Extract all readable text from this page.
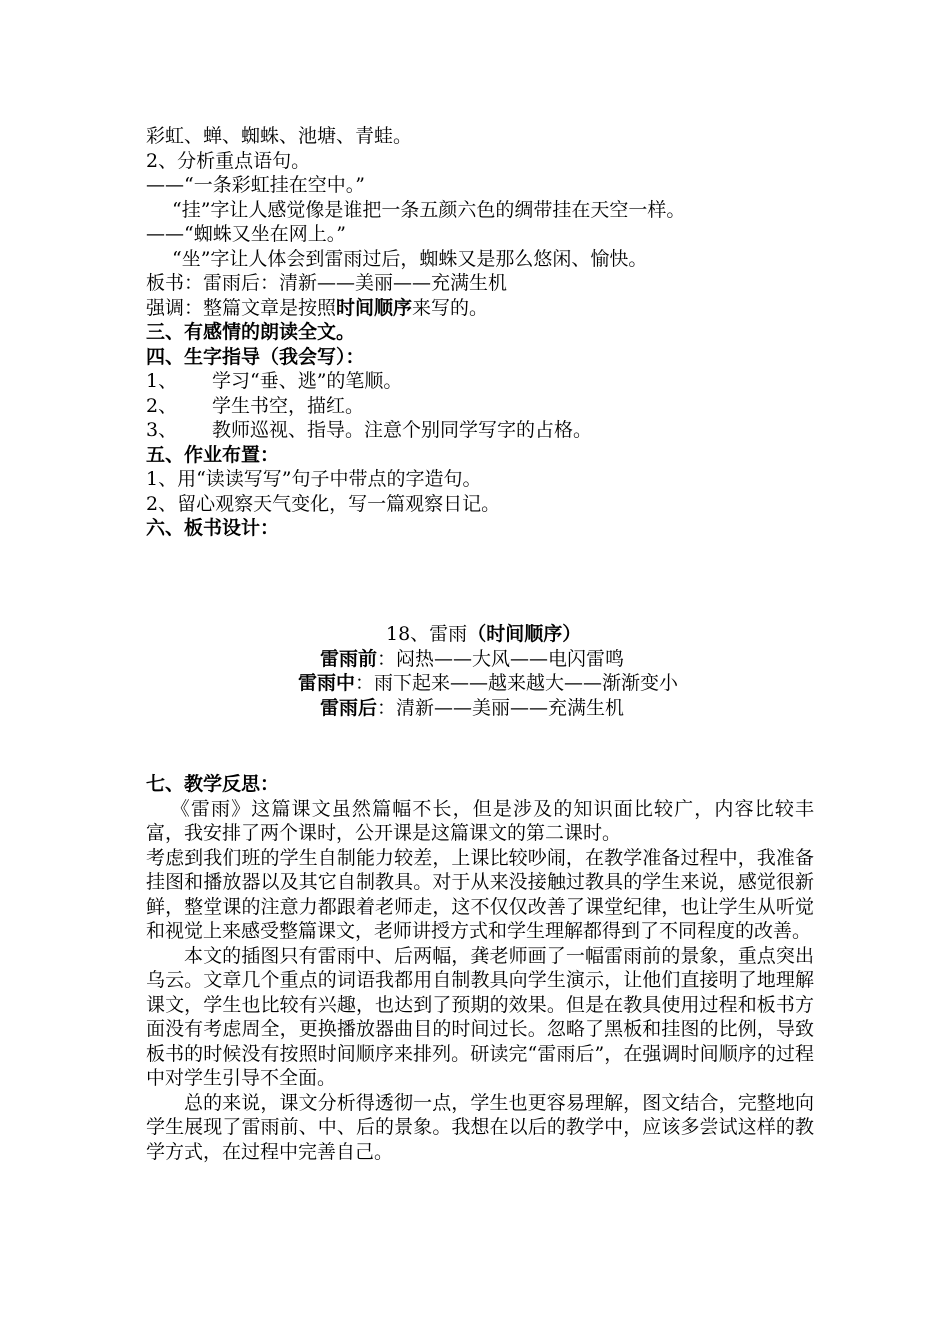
彩虹、蝉、蜘蛛、池塘、青蛙。
2、分析重点语句。
——“一条彩虹挂在空中。”
“挂”字让人感觉像是谁把一条五颜六色的绸带挂在天空一样。
——“蜘蛛又坐在网上。”
“坐”字让人体会到雷雨过后，蜘蛛又是那么悠闲、愉快。
板书：雷雨后：清新——美丽——充满生机
强调：整篇文章是按照时间顺序来写的。
三、有感情的朗读全文。
四、生字指导（我会写）：
1、 学习“垂、逃”的笔顺。
2、 学生书空，描红。
3、 教师巡视、指导。注意个别同学写字的占格。
五、作业布置：
1、用“读读写写”句子中带点的字造句。
2、留心观察天气变化，写一篇观察日记。
六、板书设计：
18、雷雨（时间顺序）
雷雨前：闷热——大风——电闪雷鸣
雷雨中：雨下起来——越来越大——渐渐变小
雷雨后：清新——美丽——充满生机
七、教学反思：
《雷雨》这篇课文虽然篇幅不长，但是涉及的知识面比较广，内容比较丰富，我安排了两个课时，公开课是这篇课文的第二课时。
考虑到我们班的学生自制能力较差，上课比较吵闹，在教学准备过程中，我准备挂图和播放器以及其它自制教具。对于从来没接触过教具的学生来说，感觉很新鲜，整堂课的注意力都跟着老师走，这不仅仅改善了课堂纪律，也让学生从听觉和视觉上来感受整篇课文，老师讲授方式和学生理解都得到了不同程度的改善。
本文的插图只有雷雨中、后两幅，龚老师画了一幅雷雨前的景象，重点突出乌云。文章几个重点的词语我都用自制教具向学生演示，让他们直接明了地理解课文，学生也比较有兴趣，也达到了预期的效果。但是在教具使用过程和板书方面没有考虑周全，更换播放器曲目的时间过长。忽略了黑板和挂图的比例，导致板书的时候没有按照时间顺序来排列。研读完“雷雨后”，在强调时间顺序的过程中对学生引导不全面。
总的来说，课文分析得透彻一点，学生也更容易理解，图文结合，完整地向学生展现了雷雨前、中、后的景象。我想在以后的教学中，应该多尝试这样的教学方式，在过程中完善自己。
